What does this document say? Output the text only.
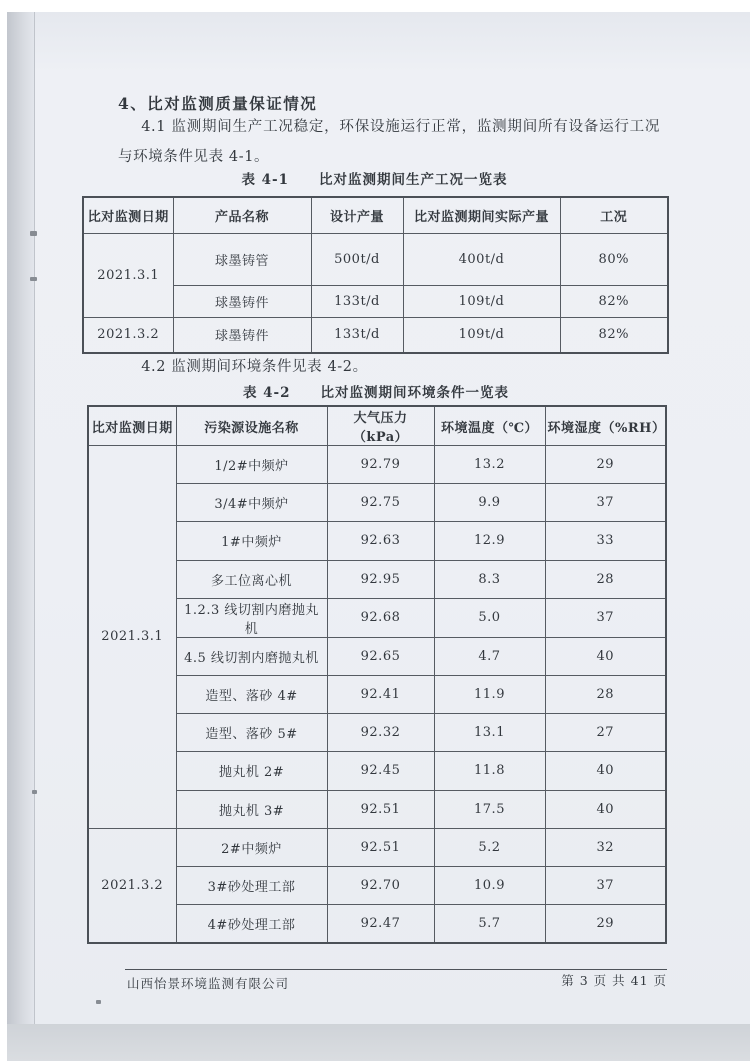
4、比对监测质量保证情况
4.1 监测期间生产工况稳定，环保设施运行正常，监测期间所有设备运行工况与环境条件见表 4-1。
表 4-1 比对监测期间生产工况一览表
比对监测日期	产品名称	设计产量	比对监测期间实际产量	工况
2021.3.1	球墨铸管	500t/d	400t/d	80%
	球墨铸件	133t/d	109t/d	82%
2021.3.2	球墨铸件	133t/d	109t/d	82%
4.2 监测期间环境条件见表 4-2。
表 4-2 比对监测期间环境条件一览表
比对监测日期	污染源设施名称	大气压力（kPa）	环境温度（℃）	环境湿度（%RH）
2021.3.1	1/2#中频炉	92.79	13.2	29
	3/4#中频炉	92.75	9.9	37
	1#中频炉	92.63	12.9	33
	多工位离心机	92.95	8.3	28
	1.2.3 线切割内磨抛丸机	92.68	5.0	37
	4.5 线切割内磨抛丸机	92.65	4.7	40
	造型、落砂 4#	92.41	11.9	28
	造型、落砂 5#	92.32	13.1	27
	抛丸机 2#	92.45	11.8	40
	抛丸机 3#	92.51	17.5	40
2021.3.2	2#中频炉	92.51	5.2	32
	3#砂处理工部	92.70	10.9	37
	4#砂处理工部	92.47	5.7	29
山西怡景环境监测有限公司	第 3 页 共 41 页
